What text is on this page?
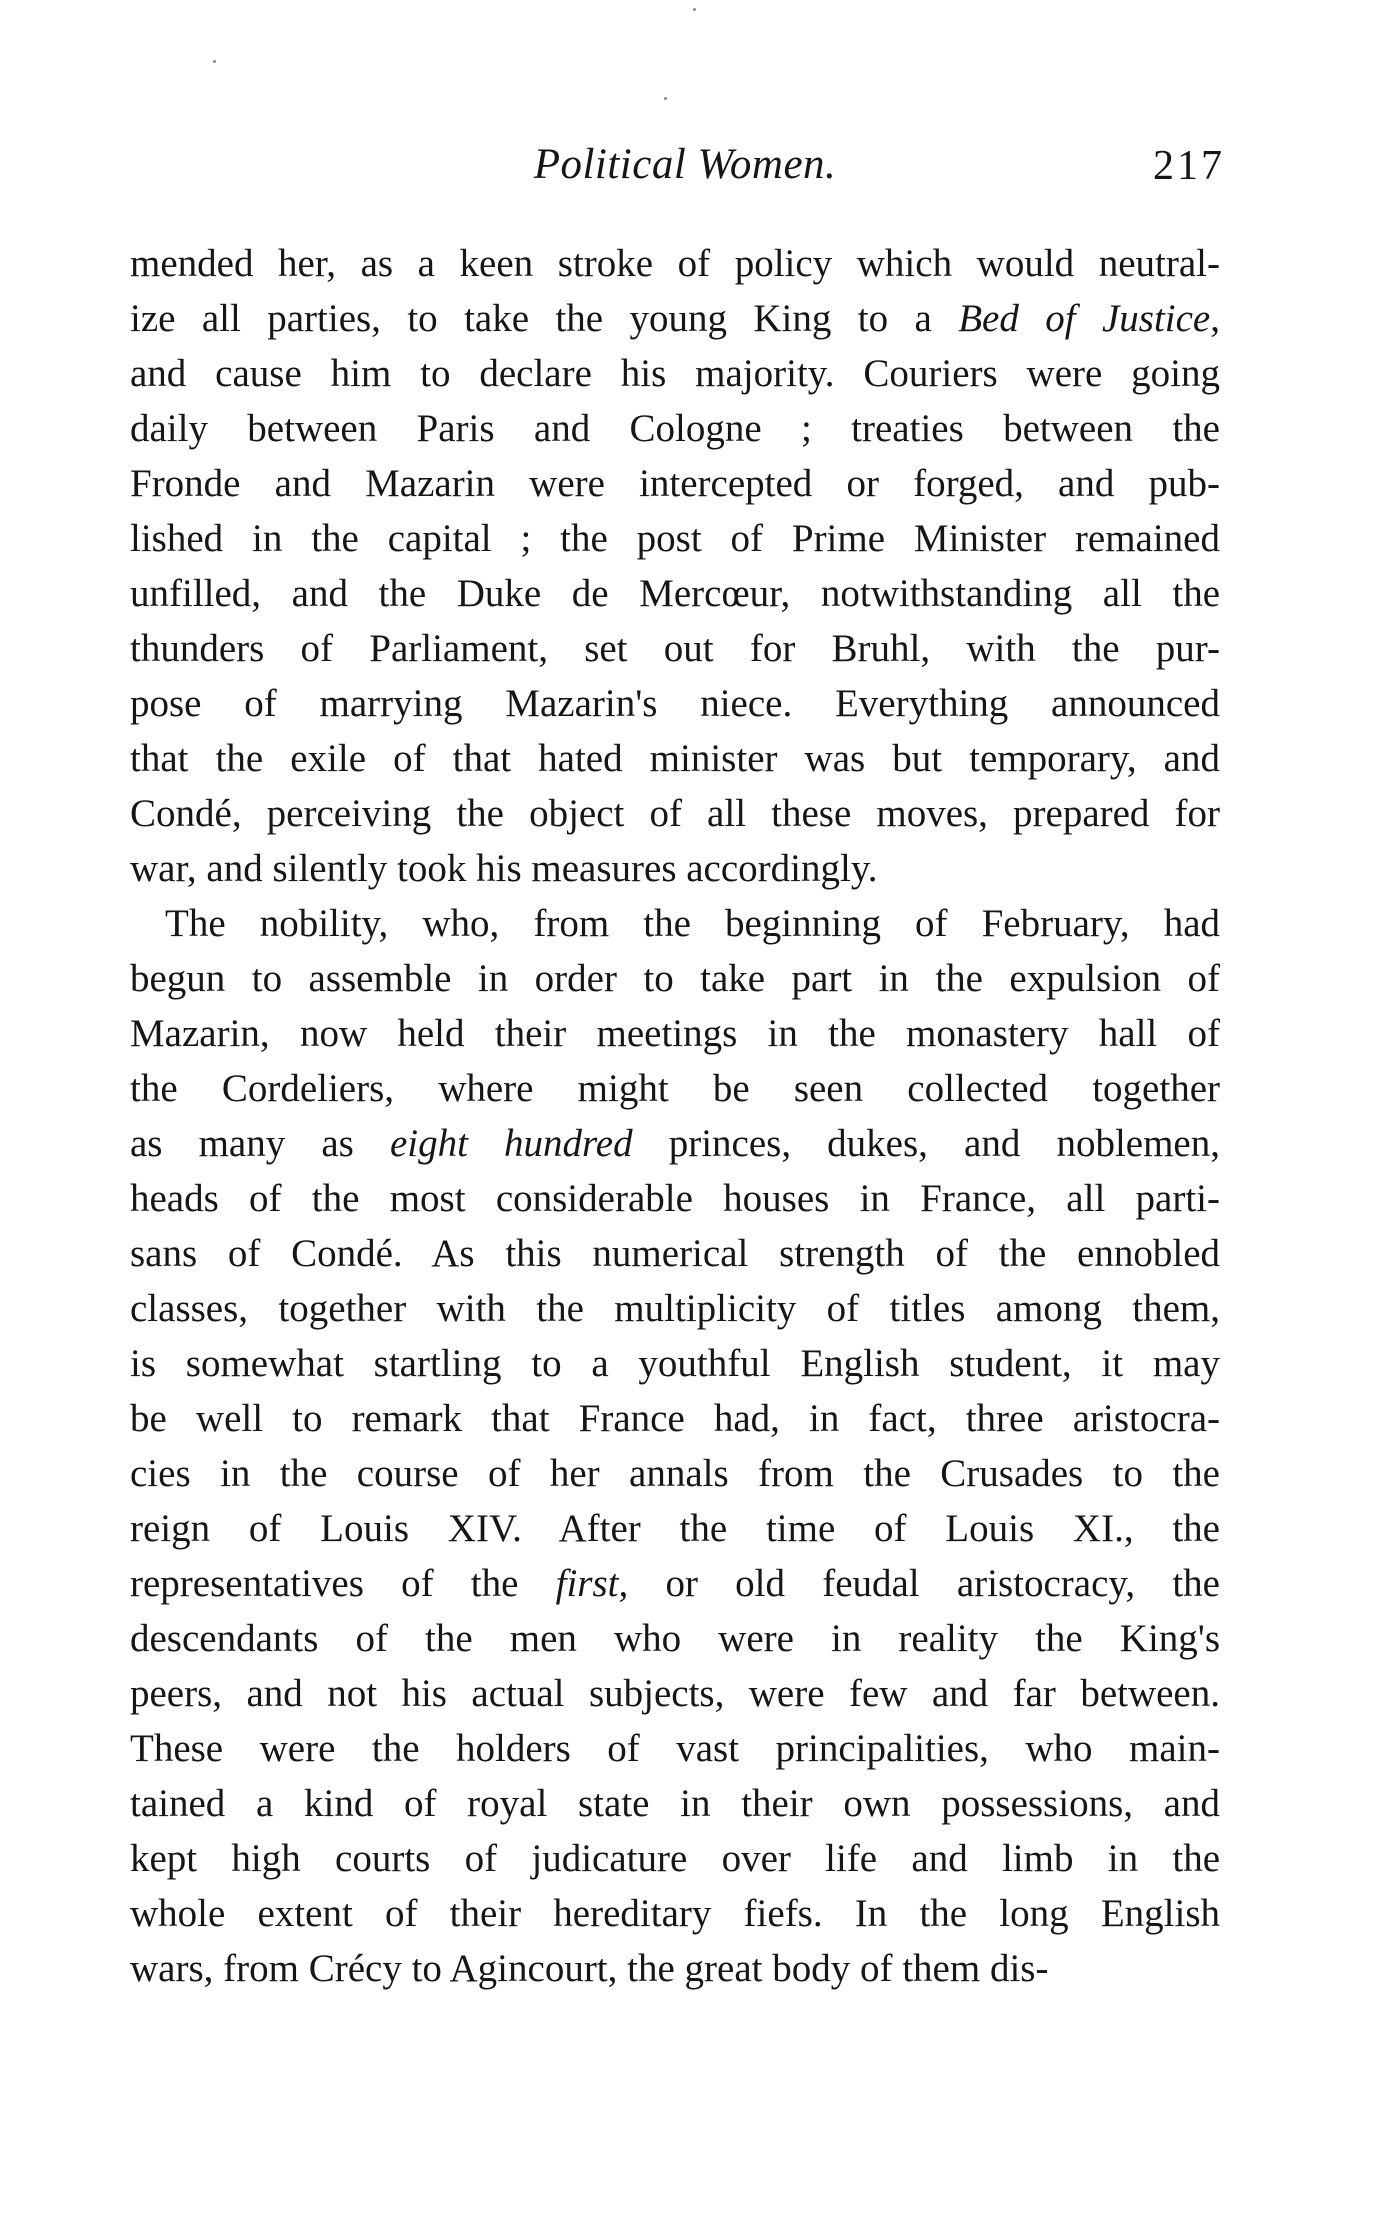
Political Women.	217
mended her, as a keen stroke of policy which would neutral-
ize all parties, to take the young King to a Bed of Justice,
and cause him to declare his majority. Couriers were going
daily between Paris and Cologne ; treaties between the
Fronde and Mazarin were intercepted or forged, and pub-
lished in the capital ; the post of Prime Minister remained
unfilled, and the Duke de Mercœur, notwithstanding all the
thunders of Parliament, set out for Bruhl, with the pur-
pose of marrying Mazarin's niece. Everything announced
that the exile of that hated minister was but temporary, and
Condé, perceiving the object of all these moves, prepared for
war, and silently took his measures accordingly.
The nobility, who, from the beginning of February, had
begun to assemble in order to take part in the expulsion of
Mazarin, now held their meetings in the monastery hall of
the Cordeliers, where might be seen collected together
as many as eight hundred princes, dukes, and noblemen,
heads of the most considerable houses in France, all parti-
sans of Condé. As this numerical strength of the ennobled
classes, together with the multiplicity of titles among them,
is somewhat startling to a youthful English student, it may
be well to remark that France had, in fact, three aristocra-
cies in the course of her annals from the Crusades to the
reign of Louis XIV. After the time of Louis XI., the
representatives of the first, or old feudal aristocracy, the
descendants of the men who were in reality the King's
peers, and not his actual subjects, were few and far between.
These were the holders of vast principalities, who main-
tained a kind of royal state in their own possessions, and
kept high courts of judicature over life and limb in the
whole extent of their hereditary fiefs. In the long English
wars, from Crécy to Agincourt, the great body of them dis-
